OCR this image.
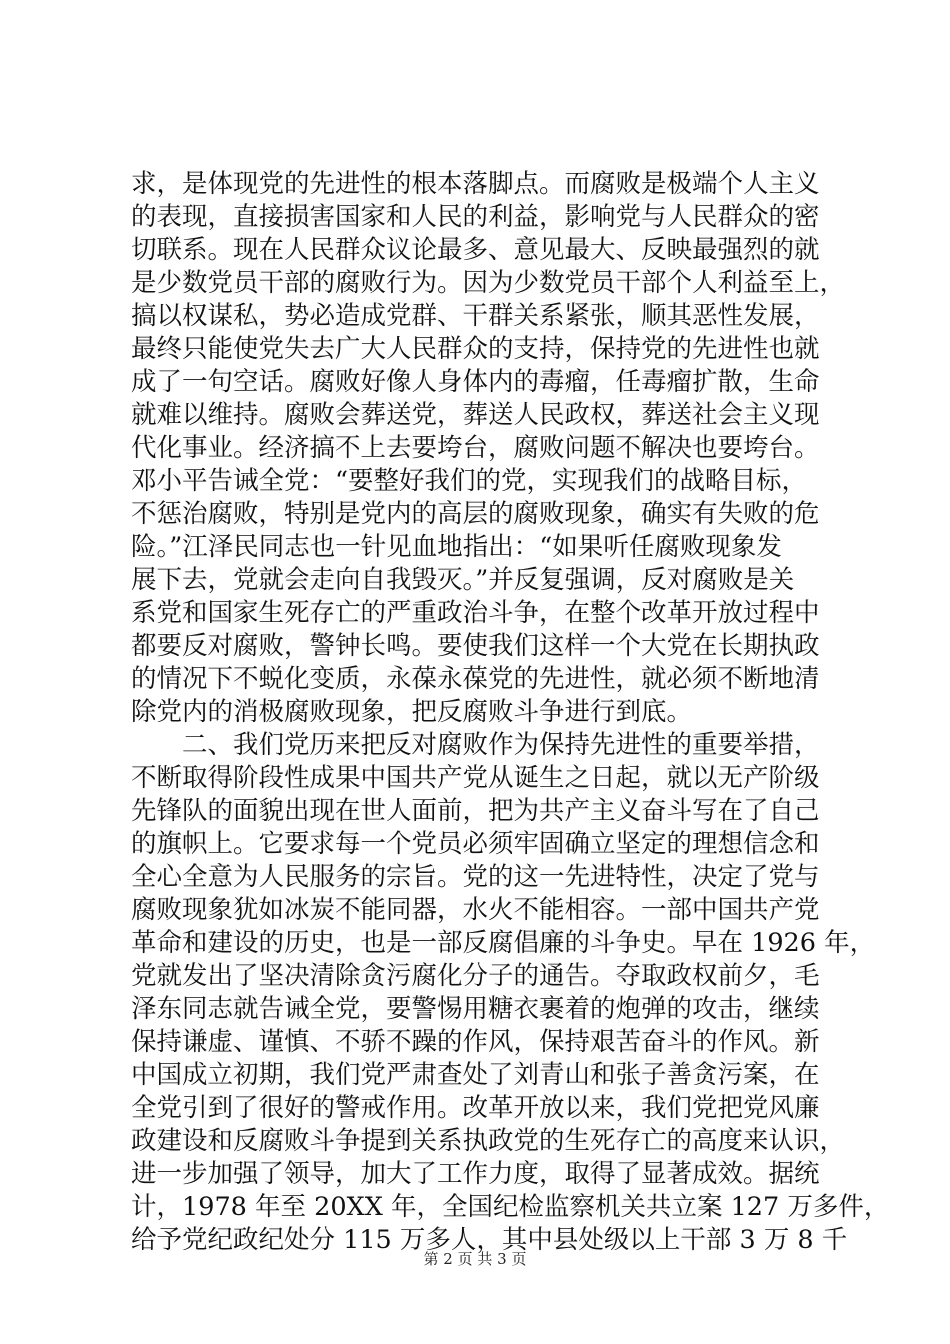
求，是体现党的先进性的根本落脚点。而腐败是极端个人主义
的表现，直接损害国家和人民的利益，影响党与人民群众的密
切联系。现在人民群众议论最多、意见最大、反映最强烈的就
是少数党员干部的腐败行为。因为少数党员干部个人利益至上，
搞以权谋私，势必造成党群、干群关系紧张，顺其恶性发展，
最终只能使党失去广大人民群众的支持，保持党的先进性也就
成了一句空话。腐败好像人身体内的毒瘤，任毒瘤扩散，生命
就难以维持。腐败会葬送党，葬送人民政权，葬送社会主义现
代化事业。经济搞不上去要垮台，腐败问题不解决也要垮台。
邓小平告诫全党：“要整好我们的党，实现我们的战略目标，
不惩治腐败，特别是党内的高层的腐败现象，确实有失败的危
险。”江泽民同志也一针见血地指出：“如果听任腐败现象发
展下去，党就会走向自我毁灭。”并反复强调，反对腐败是关
系党和国家生死存亡的严重政治斗争，在整个改革开放过程中
都要反对腐败，警钟长鸣。要使我们这样一个大党在长期执政
的情况下不蜕化变质，永葆永葆党的先进性，就必须不断地清
除党内的消极腐败现象，把反腐败斗争进行到底。
　　二、我们党历来把反对腐败作为保持先进性的重要举措，
不断取得阶段性成果中国共产党从诞生之日起，就以无产阶级
先锋队的面貌出现在世人面前，把为共产主义奋斗写在了自己
的旗帜上。它要求每一个党员必须牢固确立坚定的理想信念和
全心全意为人民服务的宗旨。党的这一先进特性，决定了党与
腐败现象犹如冰炭不能同器，水火不能相容。一部中国共产党
革命和建设的历史，也是一部反腐倡廉的斗争史。早在 1926 年，
党就发出了坚决清除贪污腐化分子的通告。夺取政权前夕，毛
泽东同志就告诫全党，要警惕用糖衣裹着的炮弹的攻击，继续
保持谦虚、谨慎、不骄不躁的作风，保持艰苦奋斗的作风。新
中国成立初期，我们党严肃查处了刘青山和张子善贪污案，在
全党引到了很好的警戒作用。改革开放以来，我们党把党风廉
政建设和反腐败斗争提到关系执政党的生死存亡的高度来认识，
进一步加强了领导，加大了工作力度，取得了显著成效。据统
计，1978 年至 20XX 年，全国纪检监察机关共立案 127 万多件，
给予党纪政纪处分 115 万多人，其中县处级以上干部 3 万 8 千
第 2 页 共 3 页
